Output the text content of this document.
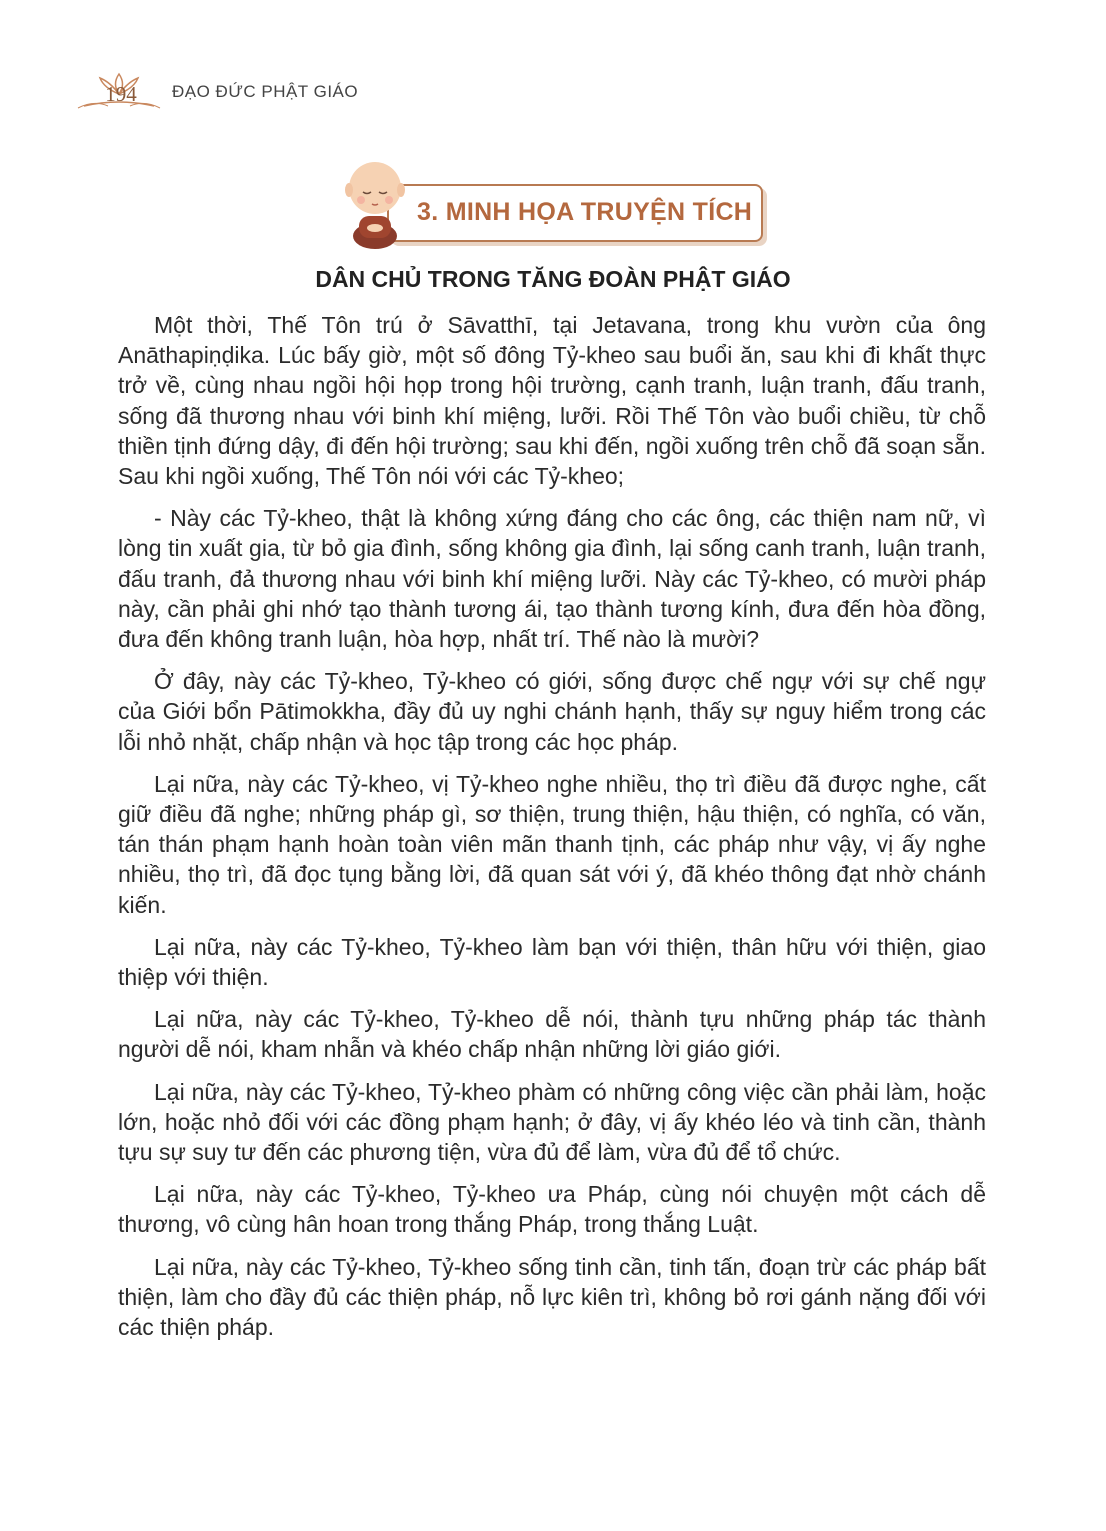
194	ĐẠO ĐỨC PHẬT GIÁO
3. MINH HỌA TRUYỆN TÍCH
DÂN CHỦ TRONG TĂNG ĐOÀN PHẬT GIÁO

Một thời, Thế Tôn trú ở Sāvatthī, tại Jetavana, trong khu vườn của ông Anāthapiṇḍika. Lúc bấy giờ, một số đông Tỷ-kheo sau buổi ăn, sau khi đi khất thực trở về, cùng nhau ngồi hội họp trong hội trường, cạnh tranh, luận tranh, đấu tranh, sống đã thương nhau với binh khí miệng, lưỡi. Rồi Thế Tôn vào buổi chiều, từ chỗ thiền tịnh đứng dậy, đi đến hội trường; sau khi đến, ngồi xuống trên chỗ đã soạn sẵn. Sau khi ngồi xuống, Thế Tôn nói với các Tỷ-kheo;

- Này các Tỷ-kheo, thật là không xứng đáng cho các ông, các thiện nam nữ, vì lòng tin xuất gia, từ bỏ gia đình, sống không gia đình, lại sống canh tranh, luận tranh, đấu tranh, đả thương nhau với binh khí miệng lưỡi. Này các Tỷ-kheo, có mười pháp này, cần phải ghi nhớ tạo thành tương ái, tạo thành tương kính, đưa đến hòa đồng, đưa đến không tranh luận, hòa hợp, nhất trí. Thế nào là mười?

Ở đây, này các Tỷ-kheo, Tỷ-kheo có giới, sống được chế ngự với sự chế ngự của Giới bổn Pātimokkha, đầy đủ uy nghi chánh hạnh, thấy sự nguy hiểm trong các lỗi nhỏ nhặt, chấp nhận và học tập trong các học pháp.

Lại nữa, này các Tỷ-kheo, vị Tỷ-kheo nghe nhiều, thọ trì điều đã được nghe, cất giữ điều đã nghe; những pháp gì, sơ thiện, trung thiện, hậu thiện, có nghĩa, có văn, tán thán phạm hạnh hoàn toàn viên mãn thanh tịnh, các pháp như vậy, vị ấy nghe nhiều, thọ trì, đã đọc tụng bằng lời, đã quan sát với ý, đã khéo thông đạt nhờ chánh kiến.

Lại nữa, này các Tỷ-kheo, Tỷ-kheo làm bạn với thiện, thân hữu với thiện, giao thiệp với thiện.

Lại nữa, này các Tỷ-kheo, Tỷ-kheo dễ nói, thành tựu những pháp tác thành người dễ nói, kham nhẫn và khéo chấp nhận những lời giáo giới.

Lại nữa, này các Tỷ-kheo, Tỷ-kheo phàm có những công việc cần phải làm, hoặc lớn, hoặc nhỏ đối với các đồng phạm hạnh; ở đây, vị ấy khéo léo và tinh cần, thành tựu sự suy tư đến các phương tiện, vừa đủ để làm, vừa đủ để tổ chức.

Lại nữa, này các Tỷ-kheo, Tỷ-kheo ưa Pháp, cùng nói chuyện một cách dễ thương, vô cùng hân hoan trong thắng Pháp, trong thắng Luật.

Lại nữa, này các Tỷ-kheo, Tỷ-kheo sống tinh cần, tinh tấn, đoạn trừ các pháp bất thiện, làm cho đầy đủ các thiện pháp, nỗ lực kiên trì, không bỏ rơi gánh nặng đối với các thiện pháp.
